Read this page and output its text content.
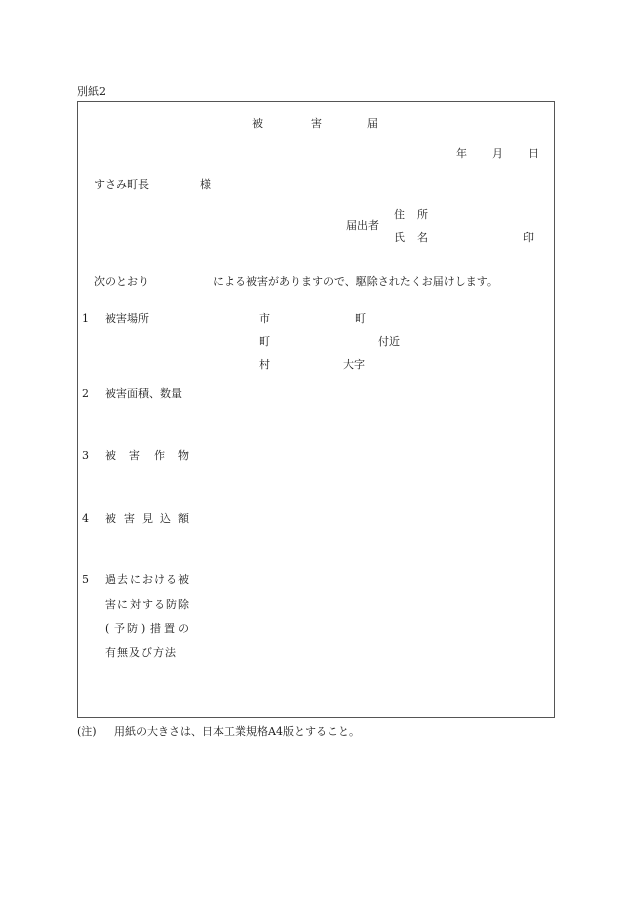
別紙2
被	害	届
年 月 日
すさみ町長	様
届出者
住 所
氏 名	印
次のとおり	による被害がありますので、駆除されたくお届けします。
1 被害場所	市	町
町	付近
村	大字
2 被害面積、数量
3 被 害 作 物
4 被 害 見 込 額
5 過 去 に お け る 被
害 に 対 す る 防 除
( 予 防 ) 措 置 の
有 無 及 び 方 法
(注) 用紙の大きさは、日本工業規格A4版とすること。
